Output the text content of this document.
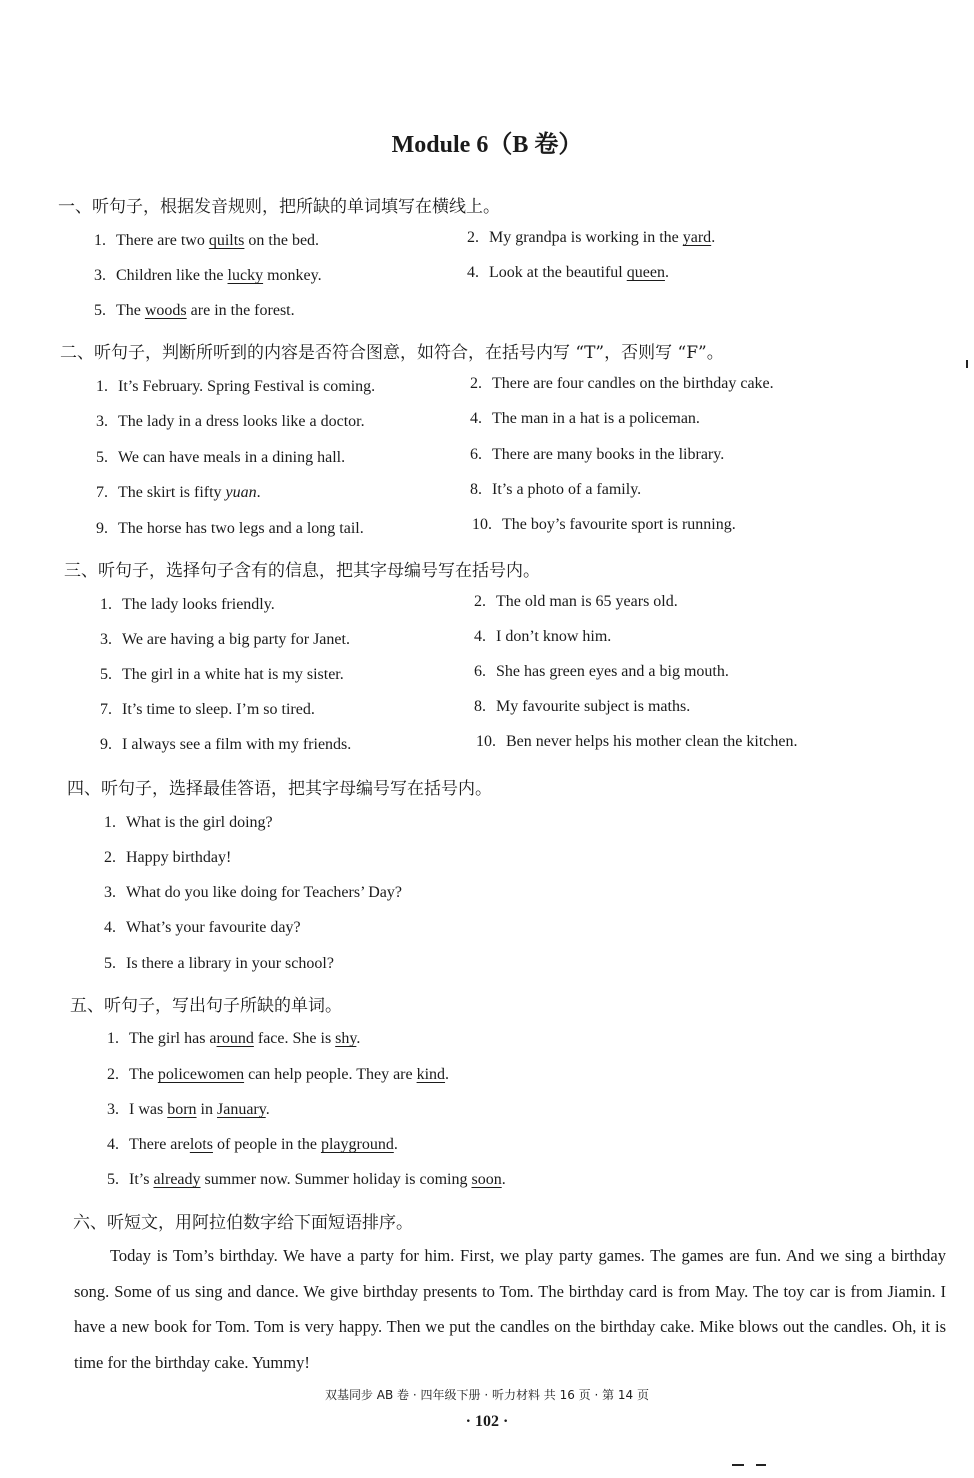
Module 6（B 卷）
一、听句子，根据发音规则，把所缺的单词填写在横线上。
1. There are two quilts on the bed.	2. My grandpa is working in the yard.
3. Children like the lucky monkey.	4. Look at the beautiful queen.
5. The woods are in the forest.
二、听句子，判断所听到的内容是否符合图意，如符合，在括号内写 “T”，否则写 “F”。
1. It’s February. Spring Festival is coming.	2. There are four candles on the birthday cake.
3. The lady in a dress looks like a doctor.	4. The man in a hat is a policeman.
5. We can have meals in a dining hall.	6. There are many books in the library.
7. The skirt is fifty yuan.	8. It’s a photo of a family.
9. The horse has two legs and a long tail.	10. The boy’s favourite sport is running.
三、听句子，选择句子含有的信息，把其字母编号写在括号内。
1. The lady looks friendly.	2. The old man is 65 years old.
3. We are having a big party for Janet.	4. I don’t know him.
5. The girl in a white hat is my sister.	6. She has green eyes and a big mouth.
7. It’s time to sleep. I’m so tired.	8. My favourite subject is maths.
9. I always see a film with my friends.	10. Ben never helps his mother clean the kitchen.
四、听句子，选择最佳答语，把其字母编号写在括号内。
1. What is the girl doing?
2. Happy birthday!
3. What do you like doing for Teachers’ Day?
4. What’s your favourite day?
5. Is there a library in your school?
五、听句子，写出句子所缺的单词。
1. The girl has around face. She is shy.
2. The policewomen can help people. They are kind.
3. I was born in January.
4. There arelots of people in the playground.
5. It’s already summer now. Summer holiday is coming soon.
六、听短文，用阿拉伯数字给下面短语排序。
Today is Tom’s birthday. We have a party for him. First, we play party games. The games are fun. And we sing a birthday song. Some of us sing and dance. We give birthday presents to Tom. The birthday card is from May. The toy car is from Jiamin. I have a new book for Tom. Tom is very happy. Then we put the candles on the birthday cake. Mike blows out the candles. Oh, it is time for the birthday cake. Yummy!
双基同步 AB 卷 · 四年级下册 · 听力材料 共 16 页 · 第 14 页
· 102 ·
